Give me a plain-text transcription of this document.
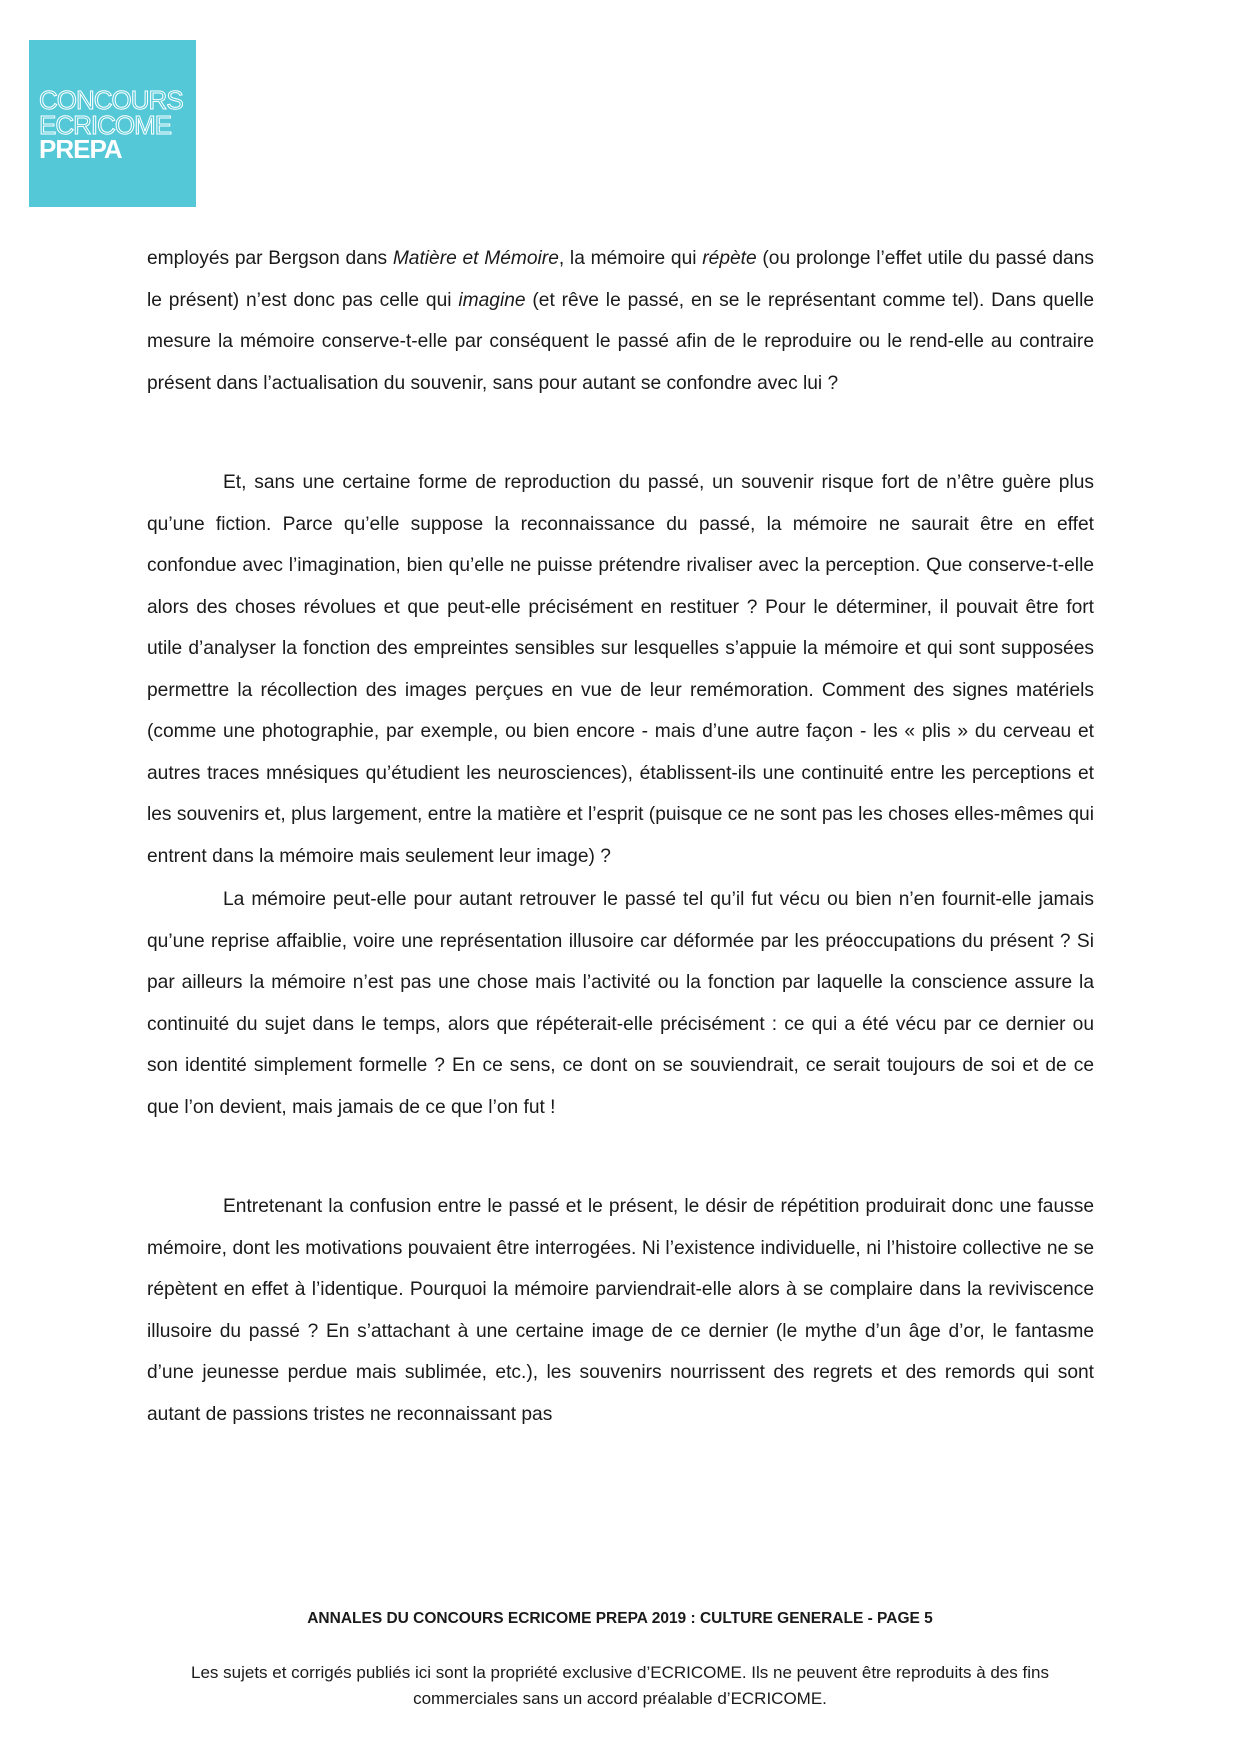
CONCOURS
ECRICOME
PREPA

employés par Bergson dans Matière et Mémoire, la mémoire qui répète (ou prolonge l’effet utile du passé dans le présent) n’est donc pas celle qui imagine (et rêve le passé, en se le représentant comme tel). Dans quelle mesure la mémoire conserve-t-elle par conséquent le passé afin de le reproduire ou le rend-elle au contraire présent dans l’actualisation du souvenir, sans pour autant se confondre avec lui ?

Et, sans une certaine forme de reproduction du passé, un souvenir risque fort de n’être guère plus qu’une fiction. Parce qu’elle suppose la reconnaissance du passé, la mémoire ne saurait être en effet confondue avec l’imagination, bien qu’elle ne puisse prétendre rivaliser avec la perception. Que conserve-t-elle alors des choses révolues et que peut-elle précisément en restituer ? Pour le déterminer, il pouvait être fort utile d’analyser la fonction des empreintes sensibles sur lesquelles s’appuie la mémoire et qui sont supposées permettre la récollection des images perçues en vue de leur remémoration. Comment des signes matériels (comme une photographie, par exemple, ou bien encore - mais d’une autre façon - les « plis » du cerveau et autres traces mnésiques qu’étudient les neurosciences), établissent-ils une continuité entre les perceptions et les souvenirs et, plus largement, entre la matière et l’esprit (puisque ce ne sont pas les choses elles-mêmes qui entrent dans la mémoire mais seulement leur image) ?

La mémoire peut-elle pour autant retrouver le passé tel qu’il fut vécu ou bien n’en fournit-elle jamais qu’une reprise affaiblie, voire une représentation illusoire car déformée par les préoccupations du présent ? Si par ailleurs la mémoire n’est pas une chose mais l’activité ou la fonction par laquelle la conscience assure la continuité du sujet dans le temps, alors que répéterait-elle précisément : ce qui a été vécu par ce dernier ou son identité simplement formelle ? En ce sens, ce dont on se souviendrait, ce serait toujours de soi et de ce que l’on devient, mais jamais de ce que l’on fut !

Entretenant la confusion entre le passé et le présent, le désir de répétition produirait donc une fausse mémoire, dont les motivations pouvaient être interrogées. Ni l’existence individuelle, ni l’histoire collective ne se répètent en effet à l’identique. Pourquoi la mémoire parviendrait-elle alors à se complaire dans la reviviscence illusoire du passé ? En s’attachant à une certaine image de ce dernier (le mythe d’un âge d’or, le fantasme d’une jeunesse perdue mais sublimée, etc.), les souvenirs nourrissent des regrets et des remords qui sont autant de passions tristes ne reconnaissant pas

ANNALES DU CONCOURS ECRICOME PREPA 2019 : CULTURE GENERALE - PAGE 5
Les sujets et corrigés publiés ici sont la propriété exclusive d’ECRICOME. Ils ne peuvent être reproduits à des fins commerciales sans un accord préalable d’ECRICOME.
